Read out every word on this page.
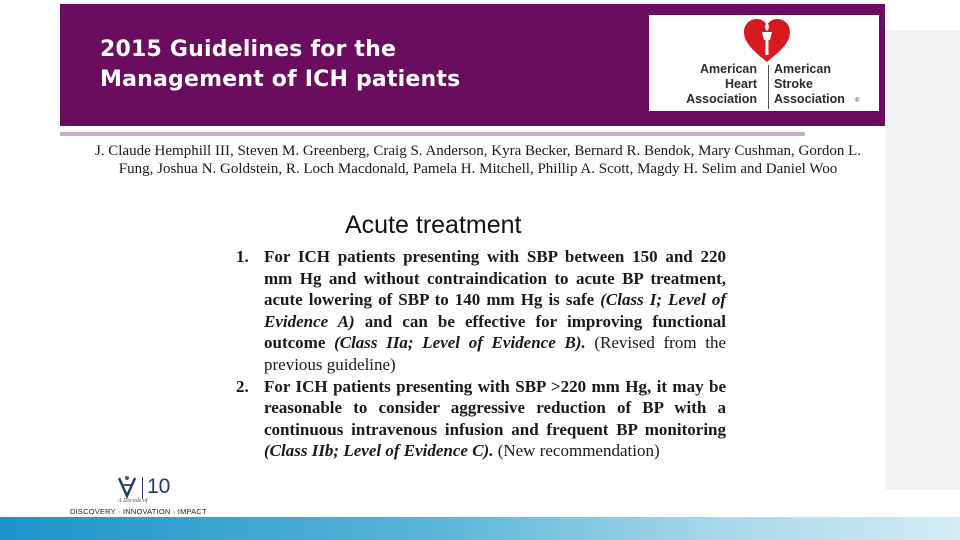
2015 Guidelines for the
Management of ICH patients	American
Heart
Association
American
Stroke
Association ®
J. Claude Hemphill III, Steven M. Greenberg, Craig S. Anderson, Kyra Becker, Bernard R. Bendok, Mary Cushman, Gordon L. Fung, Joshua N. Goldstein, R. Loch Macdonald, Pamela H. Mitchell, Phillip A. Scott, Magdy H. Selim and Daniel Woo
Acute treatment
1. For ICH patients presenting with SBP between 150 and 220 mm Hg and without contraindication to acute BP treatment, acute lowering of SBP to 140 mm Hg is safe (Class I; Level of Evidence A) and can be effective for improving functional outcome (Class IIa; Level of Evidence B). (Revised from the previous guideline)
2. For ICH patients presenting with SBP >220 mm Hg, it may be reasonable to consider aggressive reduction of BP with a continuous intravenous infusion and frequent BP monitoring (Class IIb; Level of Evidence C). (New recommendation)
10
A Decade of
DISCOVERY · INNOVATION · IMPACT
